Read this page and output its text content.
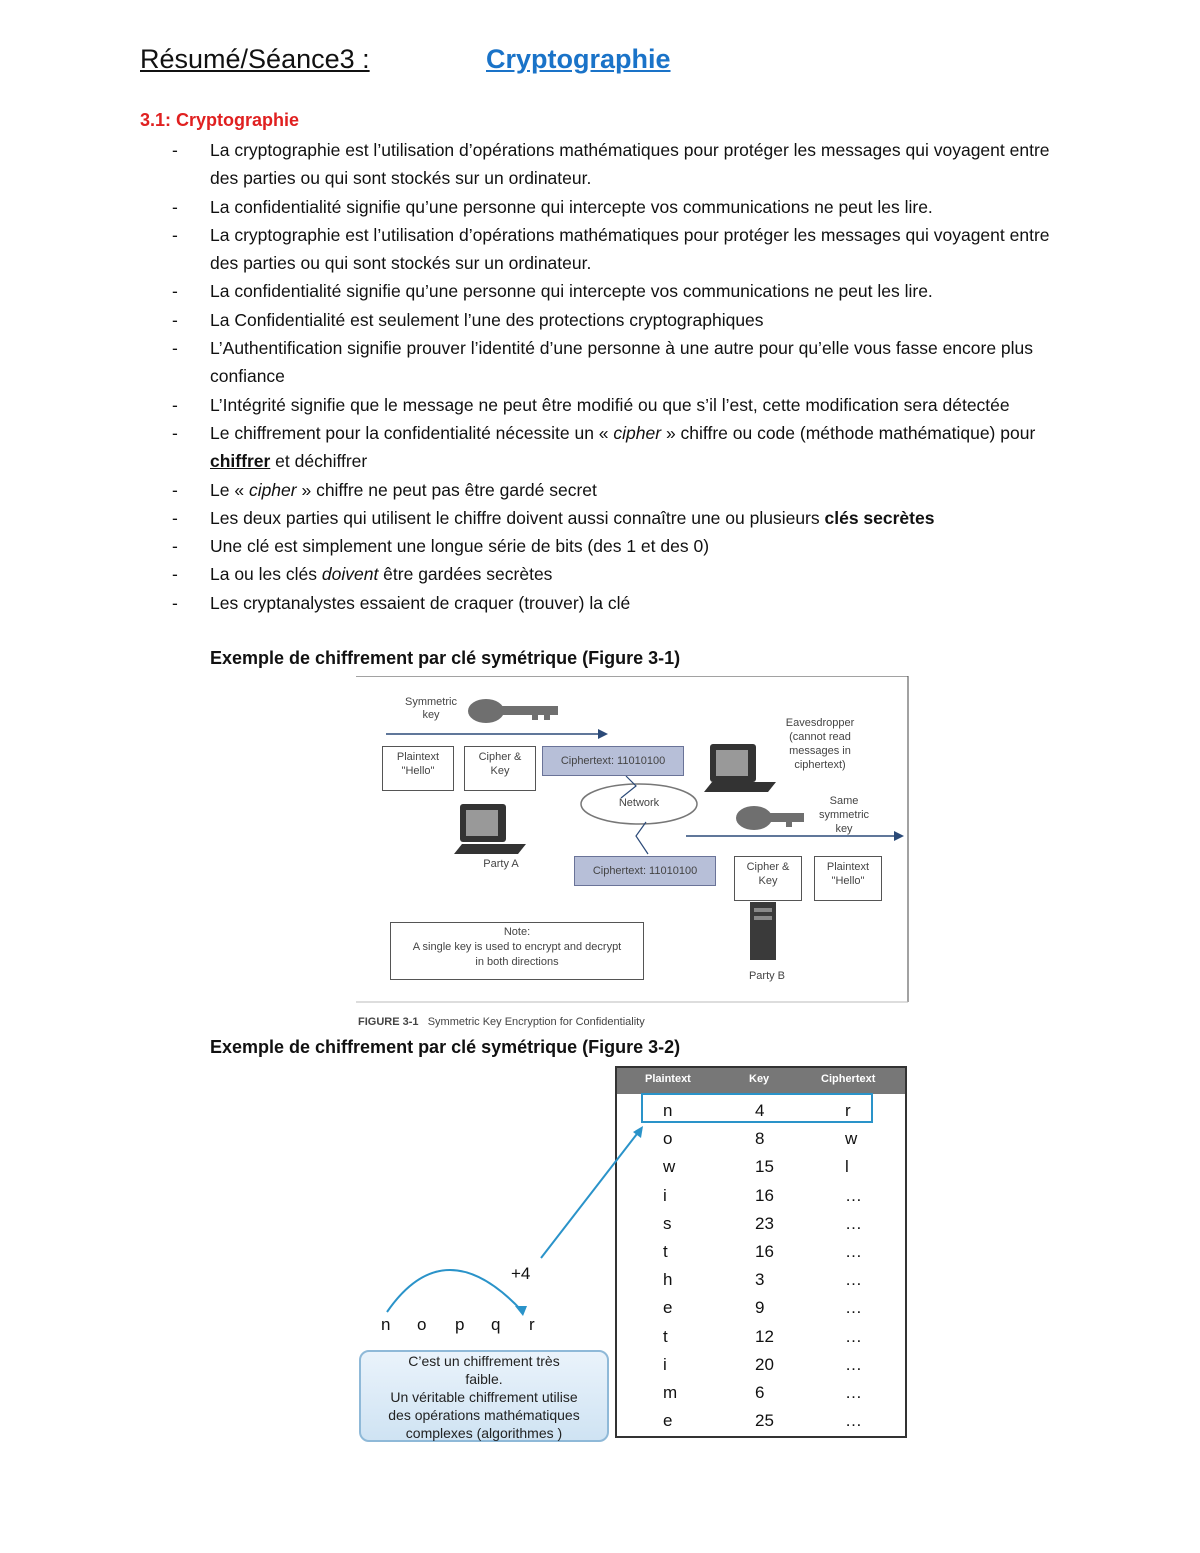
Résumé/Séance3 :	Cryptographie
3.1: Cryptographie
- La cryptographie est l’utilisation d’opérations mathématiques pour protéger les messages qui voyagent entre des parties ou qui sont stockés sur un ordinateur.
- La confidentialité signifie qu’une personne qui intercepte vos communications ne peut les lire.
- La cryptographie est l’utilisation d’opérations mathématiques pour protéger les messages qui voyagent entre des parties ou qui sont stockés sur un ordinateur.
- La confidentialité signifie qu’une personne qui intercepte vos communications ne peut les lire.
- La Confidentialité est seulement l’une des protections cryptographiques
- L’Authentification signifie prouver l’identité d’une personne à une autre pour qu’elle vous fasse encore plus confiance
- L’Intégrité signifie que le message ne peut être modifié ou que s’il l’est, cette modification sera détectée
- Le chiffrement pour la confidentialité nécessite un « cipher » chiffre ou code (méthode mathématique) pour chiffrer et déchiffrer
- Le « cipher » chiffre ne peut pas être gardé secret
- Les deux parties qui utilisent le chiffre doivent aussi connaître une ou plusieurs clés secrètes
- Une clé est simplement une longue série de bits (des 1 et des 0)
- La ou les clés doivent être gardées secrètes
- Les cryptanalystes essaient de craquer (trouver) la clé
Exemple de chiffrement par clé symétrique (Figure 3-1)
Symmetric
key
Plaintext
"Hello"
Cipher &
Key
Ciphertext: 11010100
Eavesdropper
(cannot read
messages in
ciphertext)
Network	Same
symmetric
key
Party A
Ciphertext: 11010100	Cipher &
Key
Plaintext
"Hello"
Note:
A single key is used to encrypt and decrypt
in both directions
Party B
FIGURE 3-1 Symmetric Key Encryption for Confidentiality
Exemple de chiffrement par clé symétrique (Figure 3-2)
Plaintext	Key	Ciphertext
n	4	r
o	8	w
w	15	l
i	16	…
s	23	…
t	16	…
h	3	…
e	9	…
t	12	…
i	20	…
m	6	…
e	25	…
+4
n o p q r
C’est un chiffrement très
faible.
Un véritable chiffrement utilise
des opérations mathématiques
complexes (algorithmes )
